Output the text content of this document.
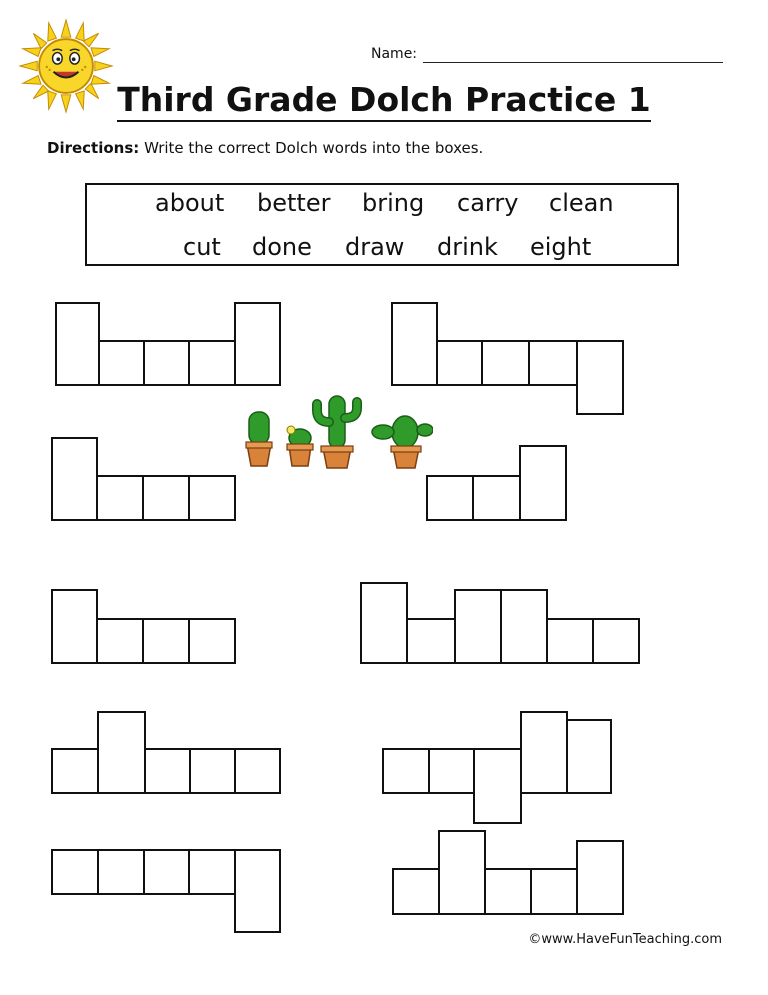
Name:
Third Grade Dolch Practice 1
Directions: Write the correct Dolch words into the boxes.
about better bring carry clean
cut done draw drink eight
©www.HaveFunTeaching.com
